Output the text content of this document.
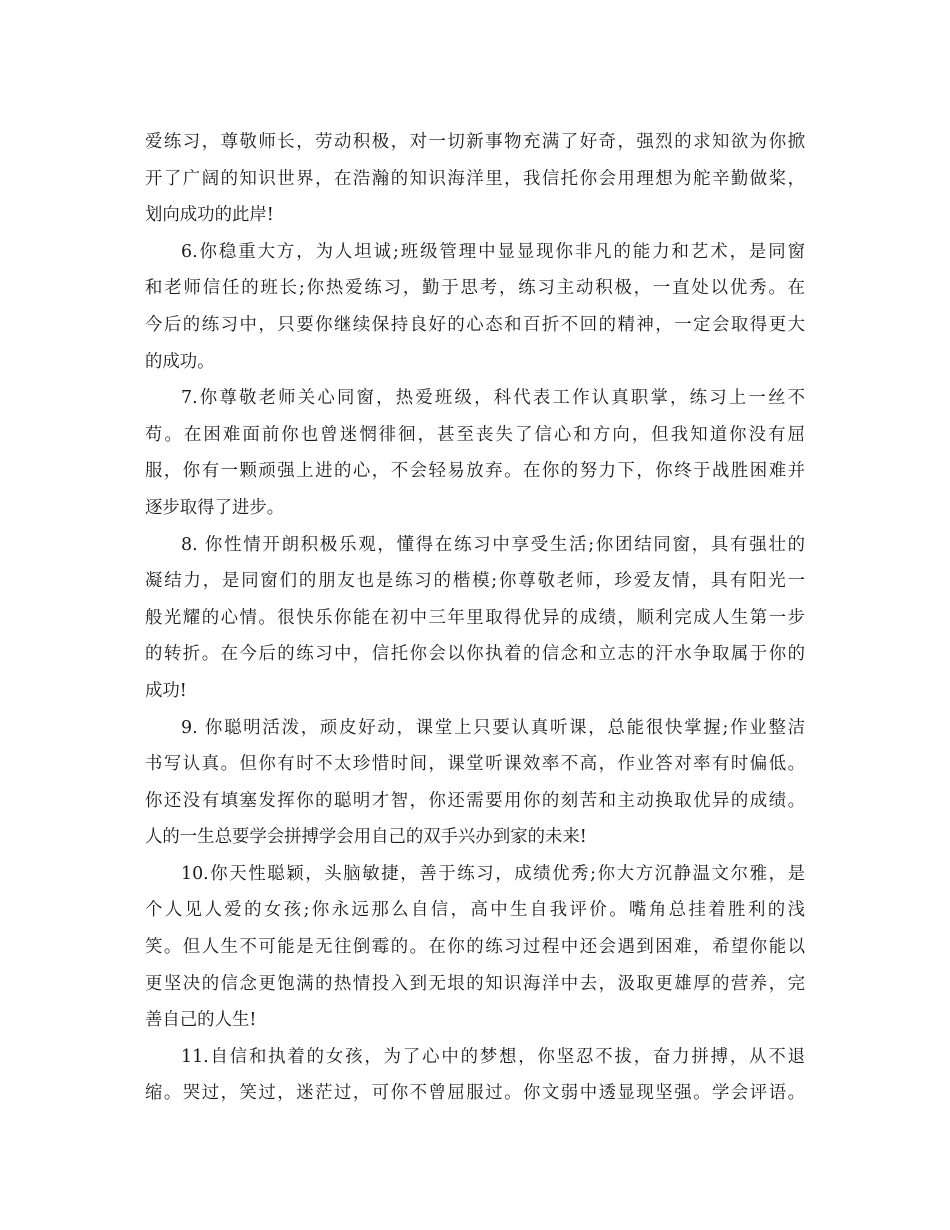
爱练习，尊敬师长，劳动积极，对一切新事物充满了好奇，强烈的求知欲为你掀
开了广阔的知识世界，在浩瀚的知识海洋里，我信托你会用理想为舵辛勤做桨，
划向成功的此岸!
6.你稳重大方，为人坦诚;班级管理中显显现你非凡的能力和艺术，是同窗
和老师信任的班长;你热爱练习，勤于思考，练习主动积极，一直处以优秀。在
今后的练习中，只要你继续保持良好的心态和百折不回的精神，一定会取得更大
的成功。
7.你尊敬老师关心同窗，热爱班级，科代表工作认真职掌，练习上一丝不
苟。在困难面前你也曾迷惘徘徊，甚至丧失了信心和方向，但我知道你没有屈
服，你有一颗顽强上进的心，不会轻易放弃。在你的努力下，你终于战胜困难并
逐步取得了进步。
8. 你性情开朗积极乐观，懂得在练习中享受生活;你团结同窗，具有强壮的
凝结力，是同窗们的朋友也是练习的楷模;你尊敬老师，珍爱友情，具有阳光一
般光耀的心情。很快乐你能在初中三年里取得优异的成绩，顺利完成人生第一步
的转折。在今后的练习中，信托你会以你执着的信念和立志的汗水争取属于你的
成功!
9. 你聪明活泼，顽皮好动，课堂上只要认真听课，总能很快掌握;作业整洁
书写认真。但你有时不太珍惜时间，课堂听课效率不高，作业答对率有时偏低。
你还没有填塞发挥你的聪明才智，你还需要用你的刻苦和主动换取优异的成绩。
人的一生总要学会拼搏学会用自己的双手兴办到家的未来!
10.你天性聪颖，头脑敏捷，善于练习，成绩优秀;你大方沉静温文尔雅，是
个人见人爱的女孩;你永远那么自信，高中生自我评价。嘴角总挂着胜利的浅
笑。但人生不可能是无往倒霉的。在你的练习过程中还会遇到困难，希望你能以
更坚决的信念更饱满的热情投入到无垠的知识海洋中去，汲取更雄厚的营养，完
善自己的人生!
11.自信和执着的女孩，为了心中的梦想，你坚忍不拔，奋力拼搏，从不退
缩。哭过，笑过，迷茫过，可你不曾屈服过。你文弱中透显现坚强。学会评语。
